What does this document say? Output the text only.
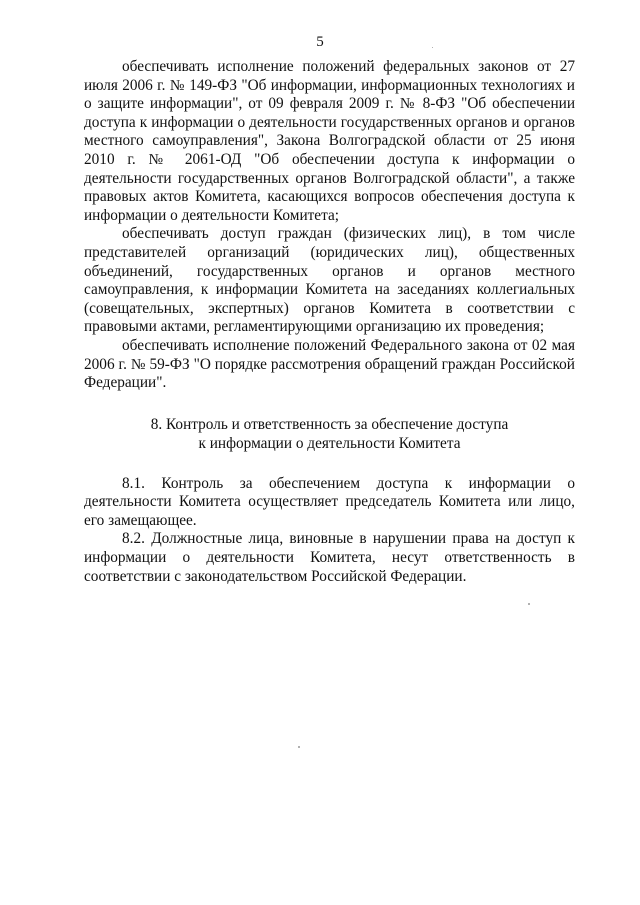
5

обеспечивать исполнение положений федеральных законов от 27 июля 2006 г. № 149-ФЗ "Об информации, информационных технологиях и о защите информации", от 09 февраля 2009 г. № 8-ФЗ "Об обеспечении доступа к информации о деятельности государственных органов и органов местного самоуправления", Закона Волгоградской области от 25 июня 2010 г. № 2061-ОД "Об обеспечении доступа к информации о деятельности государственных органов Волгоградской области", а также правовых актов Комитета, касающихся вопросов обеспечения доступа к информации о деятельности Комитета;

обеспечивать доступ граждан (физических лиц), в том числе представителей организаций (юридических лиц), общественных объединений, государственных органов и органов местного самоуправления, к информации Комитета на заседаниях коллегиальных (совещательных, экспертных) органов Комитета в соответствии с правовыми актами, регламентирующими организацию их проведения;

обеспечивать исполнение положений Федерального закона от 02 мая 2006 г. № 59-ФЗ "О порядке рассмотрения обращений граждан Российской Федерации".

8. Контроль и ответственность за обеспечение доступа
к информации о деятельности Комитета

8.1. Контроль за обеспечением доступа к информации о деятельности Комитета осуществляет председатель Комитета или лицо, его замещающее.

8.2. Должностные лица, виновные в нарушении права на доступ к информации о деятельности Комитета, несут ответственность в соответствии с законодательством Российской Федерации.
